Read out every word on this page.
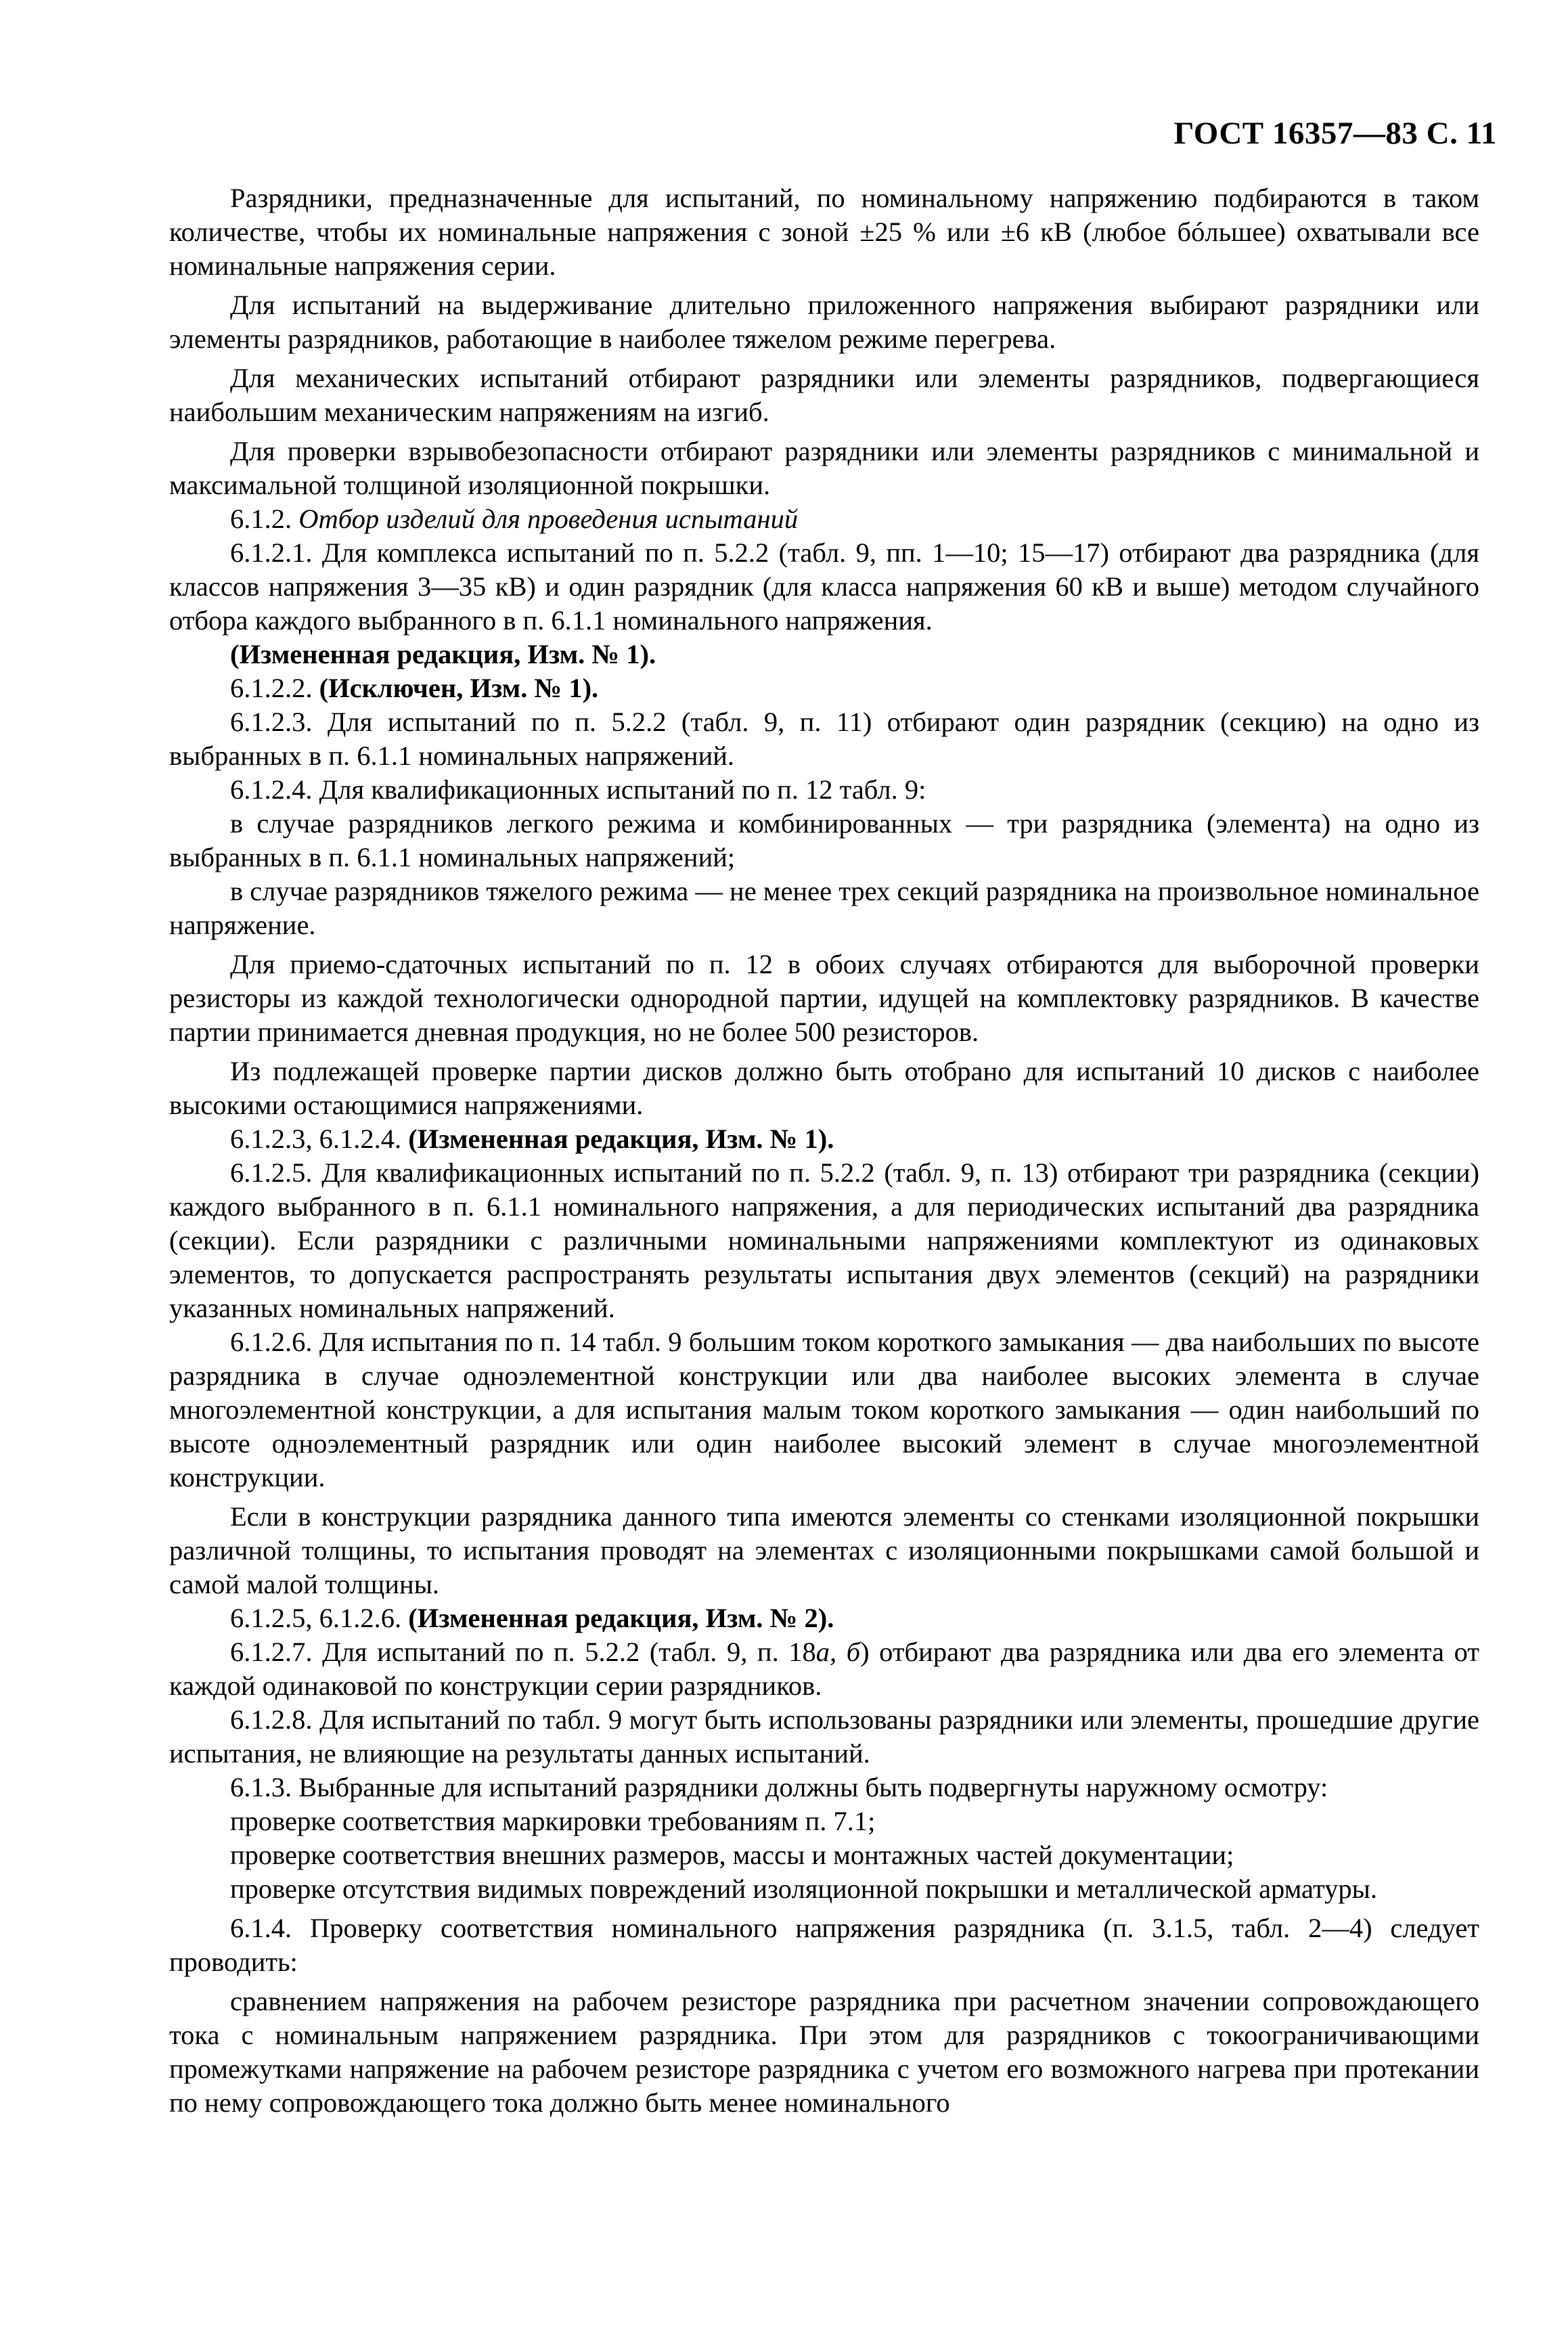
ГОСТ 16357—83 С. 11

Разрядники, предназначенные для испытаний, по номинальному напряжению подбираются в таком количестве, чтобы их номинальные напряжения с зоной ±25 % или ±6 кВ (любое бóльшее) охватывали все номинальные напряжения серии.

Для испытаний на выдерживание длительно приложенного напряжения выбирают разрядники или элементы разрядников, работающие в наиболее тяжелом режиме перегрева.

Для механических испытаний отбирают разрядники или элементы разрядников, подвергающиеся наибольшим механическим напряжениям на изгиб.

Для проверки взрывобезопасности отбирают разрядники или элементы разрядников с минимальной и максимальной толщиной изоляционной покрышки.

6.1.2. Отбор изделий для проведения испытаний

6.1.2.1. Для комплекса испытаний по п. 5.2.2 (табл. 9, пп. 1—10; 15—17) отбирают два разрядника (для классов напряжения 3—35 кВ) и один разрядник (для класса напряжения 60 кВ и выше) методом случайного отбора каждого выбранного в п. 6.1.1 номинального напряжения.

(Измененная редакция, Изм. № 1).

6.1.2.2. (Исключен, Изм. № 1).

6.1.2.3. Для испытаний по п. 5.2.2 (табл. 9, п. 11) отбирают один разрядник (секцию) на одно из выбранных в п. 6.1.1 номинальных напряжений.

6.1.2.4. Для квалификационных испытаний по п. 12 табл. 9:

в случае разрядников легкого режима и комбинированных — три разрядника (элемента) на одно из выбранных в п. 6.1.1 номинальных напряжений;

в случае разрядников тяжелого режима — не менее трех секций разрядника на произвольное номинальное напряжение.

Для приемо-сдаточных испытаний по п. 12 в обоих случаях отбираются для выборочной проверки резисторы из каждой технологически однородной партии, идущей на комплектовку разрядников. В качестве партии принимается дневная продукция, но не более 500 резисторов.

Из подлежащей проверке партии дисков должно быть отобрано для испытаний 10 дисков с наиболее высокими остающимися напряжениями.

6.1.2.3, 6.1.2.4. (Измененная редакция, Изм. № 1).

6.1.2.5. Для квалификационных испытаний по п. 5.2.2 (табл. 9, п. 13) отбирают три разрядника (секции) каждого выбранного в п. 6.1.1 номинального напряжения, а для периодических испытаний два разрядника (секции). Если разрядники с различными номинальными напряжениями комплектуют из одинаковых элементов, то допускается распространять результаты испытания двух элементов (секций) на разрядники указанных номинальных напряжений.

6.1.2.6. Для испытания по п. 14 табл. 9 большим током короткого замыкания — два наибольших по высоте разрядника в случае одноэлементной конструкции или два наиболее высоких элемента в случае многоэлементной конструкции, а для испытания малым током короткого замыкания — один наибольший по высоте одноэлементный разрядник или один наиболее высокий элемент в случае многоэлементной конструкции.

Если в конструкции разрядника данного типа имеются элементы со стенками изоляционной покрышки различной толщины, то испытания проводят на элементах с изоляционными покрышками самой большой и самой малой толщины.

6.1.2.5, 6.1.2.6. (Измененная редакция, Изм. № 2).

6.1.2.7. Для испытаний по п. 5.2.2 (табл. 9, п. 18а, б) отбирают два разрядника или два его элемента от каждой одинаковой по конструкции серии разрядников.

6.1.2.8. Для испытаний по табл. 9 могут быть использованы разрядники или элементы, прошедшие другие испытания, не влияющие на результаты данных испытаний.

6.1.3. Выбранные для испытаний разрядники должны быть подвергнуты наружному осмотру:

проверке соответствия маркировки требованиям п. 7.1;

проверке соответствия внешних размеров, массы и монтажных частей документации;

проверке отсутствия видимых повреждений изоляционной покрышки и металлической арматуры.

6.1.4. Проверку соответствия номинального напряжения разрядника (п. 3.1.5, табл. 2—4) следует проводить:

сравнением напряжения на рабочем резисторе разрядника при расчетном значении сопровождающего тока с номинальным напряжением разрядника. При этом для разрядников с токоограничивающими промежутками напряжение на рабочем резисторе разрядника с учетом его возможного нагрева при протекании по нему сопровождающего тока должно быть менее номинального
